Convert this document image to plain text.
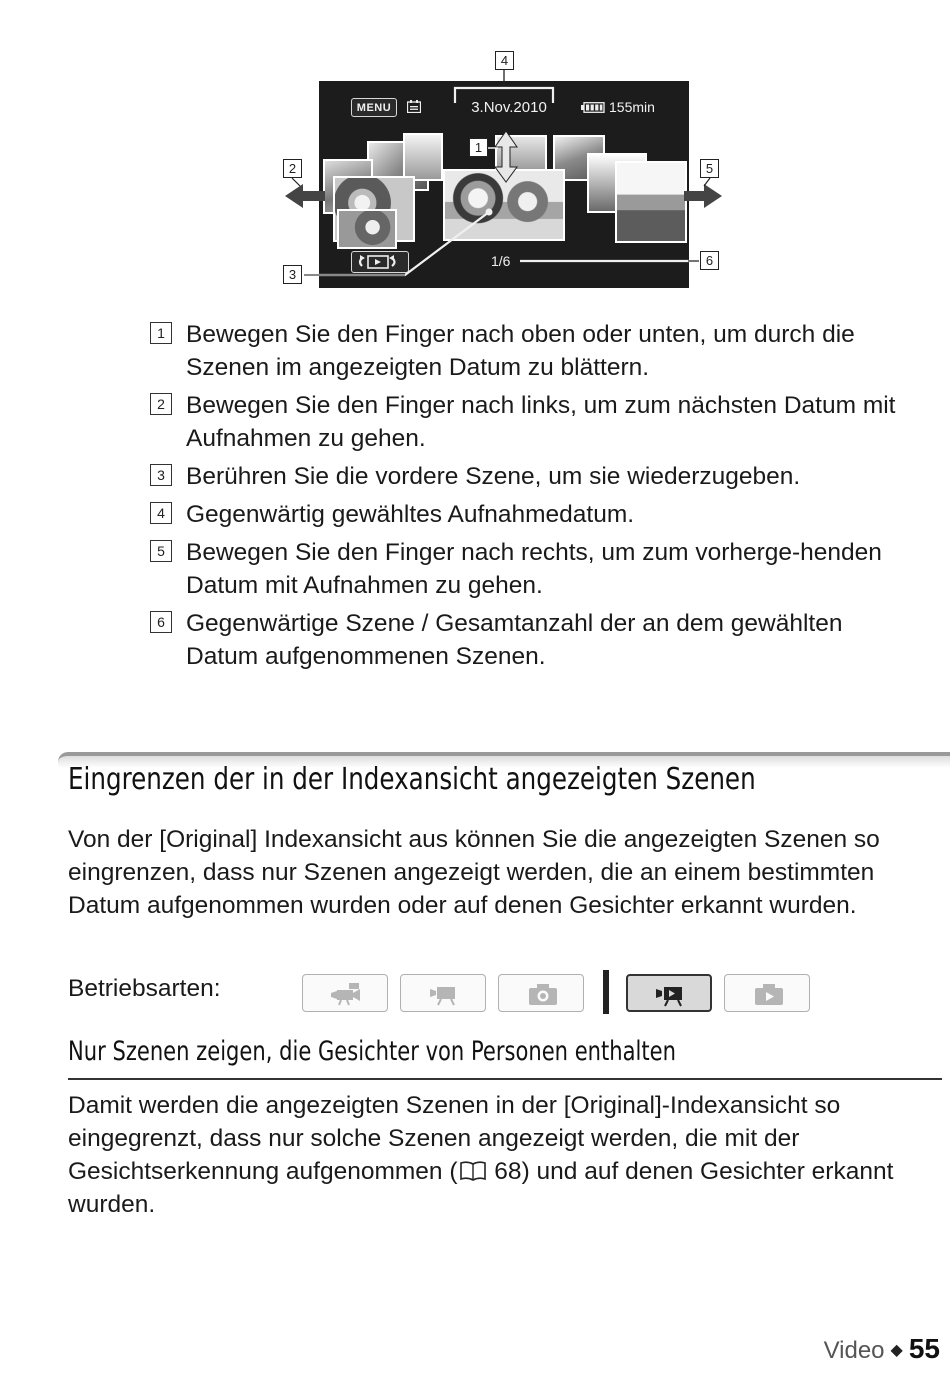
MENU	3.Nov.2010	155min
1/6
4
1
2	5
3
6
1 Bewegen Sie den Finger nach oben oder unten, um durch die Szenen im angezeigten Datum zu blättern.
2 Bewegen Sie den Finger nach links, um zum nächsten Datum mit Aufnahmen zu gehen.
3 Berühren Sie die vordere Szene, um sie wiederzugeben.
4 Gegenwärtig gewähltes Aufnahmedatum.
5 Bewegen Sie den Finger nach rechts, um zum vorherge-henden Datum mit Aufnahmen zu gehen.
6 Gegenwärtige Szene / Gesamtanzahl der an dem gewählten Datum aufgenommenen Szenen.
Eingrenzen der in der Indexansicht angezeigten Szenen
Von der [Original] Indexansicht aus können Sie die angezeigten Szenen so eingrenzen, dass nur Szenen angezeigt werden, die an einem bestimmten Datum aufgenommen wurden oder auf denen Gesichter erkannt wurden.
Betriebsarten:
Nur Szenen zeigen, die Gesichter von Personen enthalten
Damit werden die angezeigten Szenen in der [Original]-Indexansicht so eingegrenzt, dass nur solche Szenen angezeigt werden, die mit der Gesichtserkennung aufgenommen ( 68) und auf denen Gesichter erkannt wurden.
Video ◆ 55
